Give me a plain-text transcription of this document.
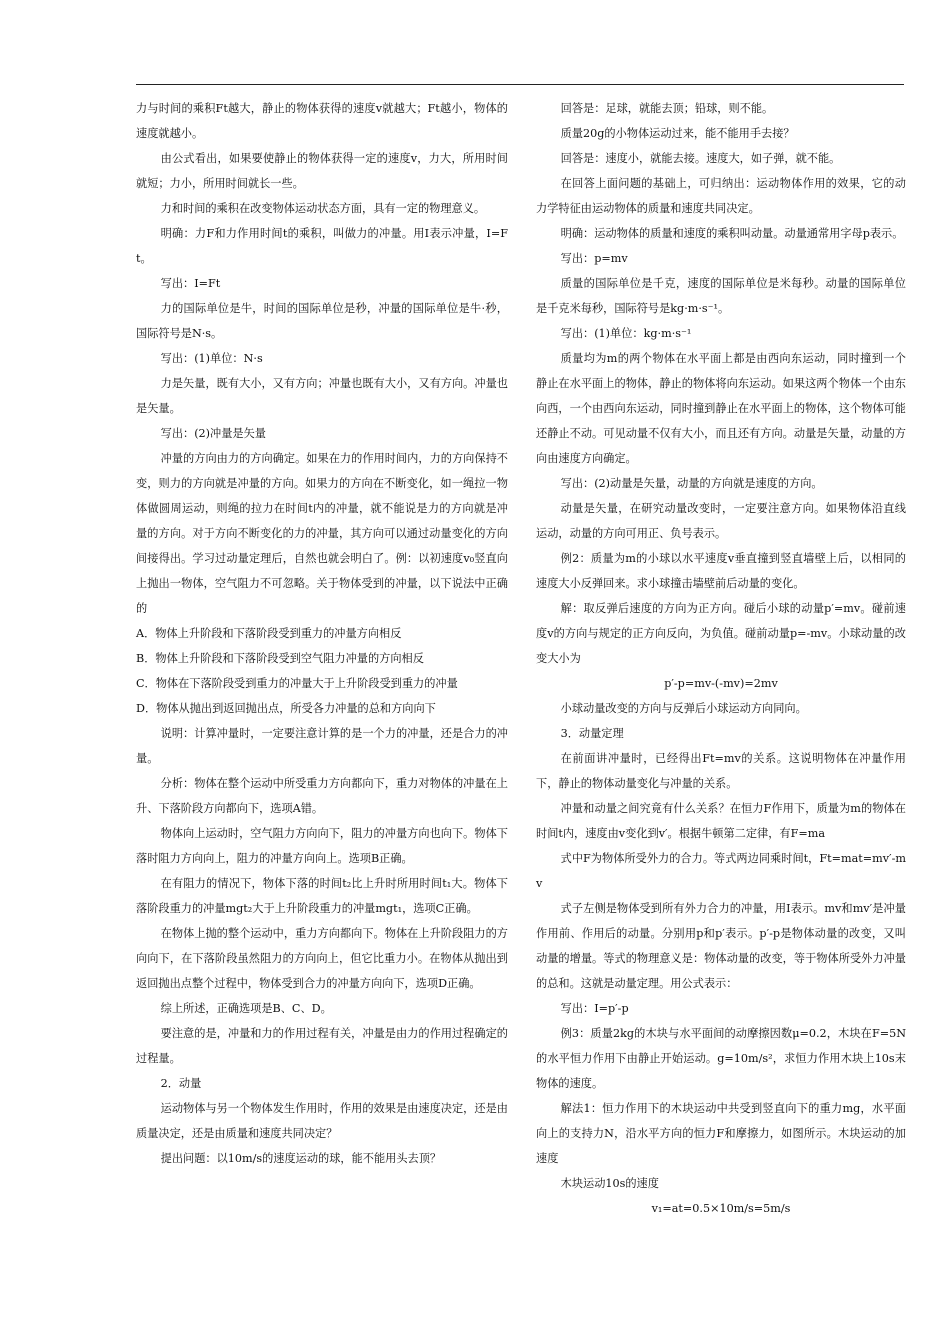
力与时间的乘积Ft越大，静止的物体获得的速度v就越大；Ft越小，物体的速度就越小。

由公式看出，如果要使静止的物体获得一定的速度v，力大，所用时间就短；力小，所用时间就长一些。

力和时间的乘积在改变物体运动状态方面，具有一定的物理意义。

明确：力F和力作用时间t的乘积，叫做力的冲量。用I表示冲量，I=Ft。

写出：I=Ft

力的国际单位是牛，时间的国际单位是秒，冲量的国际单位是牛·秒，国际符号是N·s。

写出：(1)单位：N·s

力是矢量，既有大小，又有方向；冲量也既有大小，又有方向。冲量也是矢量。

写出：(2)冲量是矢量

冲量的方向由力的方向确定。如果在力的作用时间内，力的方向保持不变，则力的方向就是冲量的方向。如果力的方向在不断变化，如一绳拉一物体做圆周运动，则绳的拉力在时间t内的冲量，就不能说是力的方向就是冲量的方向。对于方向不断变化的力的冲量，其方向可以通过动量变化的方向间接得出。学习过动量定理后，自然也就会明白了。例：以初速度v₀竖直向上抛出一物体，空气阻力不可忽略。关于物体受到的冲量，以下说法中正确的

A．物体上升阶段和下落阶段受到重力的冲量方向相反

B．物体上升阶段和下落阶段受到空气阻力冲量的方向相反

C．物体在下落阶段受到重力的冲量大于上升阶段受到重力的冲量

D．物体从抛出到返回抛出点，所受各力冲量的总和方向向下

说明：计算冲量时，一定要注意计算的是一个力的冲量，还是合力的冲量。

分析：物体在整个运动中所受重力方向都向下，重力对物体的冲量在上升、下落阶段方向都向下，选项A错。

物体向上运动时，空气阻力方向向下，阻力的冲量方向也向下。物体下落时阻力方向向上，阻力的冲量方向向上。选项B正确。

在有阻力的情况下，物体下落的时间t₂比上升时所用时间t₁大。物体下落阶段重力的冲量mgt₂大于上升阶段重力的冲量mgt₁，选项C正确。

在物体上抛的整个运动中，重力方向都向下。物体在上升阶段阻力的方向向下，在下落阶段虽然阻力的方向向上，但它比重力小。在物体从抛出到返回抛出点整个过程中，物体受到合力的冲量方向向下，选项D正确。

综上所述，正确选项是B、C、D。

要注意的是，冲量和力的作用过程有关，冲量是由力的作用过程确定的过程量。

2．动量

运动物体与另一个物体发生作用时，作用的效果是由速度决定，还是由质量决定，还是由质量和速度共同决定？

提出问题：以10m/s的速度运动的球，能不能用头去顶？

回答是：足球，就能去顶；铅球，则不能。

质量20g的小物体运动过来，能不能用手去接？

回答是：速度小，就能去接。速度大，如子弹，就不能。

在回答上面问题的基础上，可归纳出：运动物体作用的效果，它的动力学特征由运动物体的质量和速度共同决定。

明确：运动物体的质量和速度的乘积叫动量。动量通常用字母p表示。

写出：p=mv

质量的国际单位是千克，速度的国际单位是米每秒。动量的国际单位是千克米每秒，国际符号是kg·m·s⁻¹。

写出：(1)单位：kg·m·s⁻¹

质量均为m的两个物体在水平面上都是由西向东运动，同时撞到一个静止在水平面上的物体，静止的物体将向东运动。如果这两个物体一个由东向西，一个由西向东运动，同时撞到静止在水平面上的物体，这个物体可能还静止不动。可见动量不仅有大小，而且还有方向。动量是矢量，动量的方向由速度方向确定。

写出：(2)动量是矢量，动量的方向就是速度的方向。

动量是矢量，在研究动量改变时，一定要注意方向。如果物体沿直线运动，动量的方向可用正、负号表示。

例2：质量为m的小球以水平速度v垂直撞到竖直墙壁上后，以相同的速度大小反弹回来。求小球撞击墙壁前后动量的变化。

解：取反弹后速度的方向为正方向。碰后小球的动量p′=mv。碰前速度v的方向与规定的正方向反向，为负值。碰前动量p=-mv。小球动量的改变大小为

p′-p=mv-(-mv)=2mv

小球动量改变的方向与反弹后小球运动方向同向。

3．动量定理

在前面讲冲量时，已经得出Ft=mv的关系。这说明物体在冲量作用下，静止的物体动量变化与冲量的关系。

冲量和动量之间究竟有什么关系？在恒力F作用下，质量为m的物体在时间t内，速度由v变化到v′。根据牛顿第二定律，有F=ma

式中F为物体所受外力的合力。等式两边同乘时间t，Ft=mat=mv′-mv

式子左侧是物体受到所有外力合力的冲量，用I表示。mv和mv′是冲量作用前、作用后的动量。分别用p和p′表示。p′-p是物体动量的改变，又叫动量的增量。等式的物理意义是：物体动量的改变，等于物体所受外力冲量的总和。这就是动量定理。用公式表示：

写出：I=p′-p

例3：质量2kg的木块与水平面间的动摩擦因数μ=0.2，木块在F=5N的水平恒力作用下由静止开始运动。g=10m/s²，求恒力作用木块上10s末物体的速度。

解法1：恒力作用下的木块运动中共受到竖直向下的重力mg，水平面向上的支持力N，沿水平方向的恒力F和摩擦力，如图所示。木块运动的加速度

木块运动10s的速度

v₁=at=0.5×10m/s=5m/s
